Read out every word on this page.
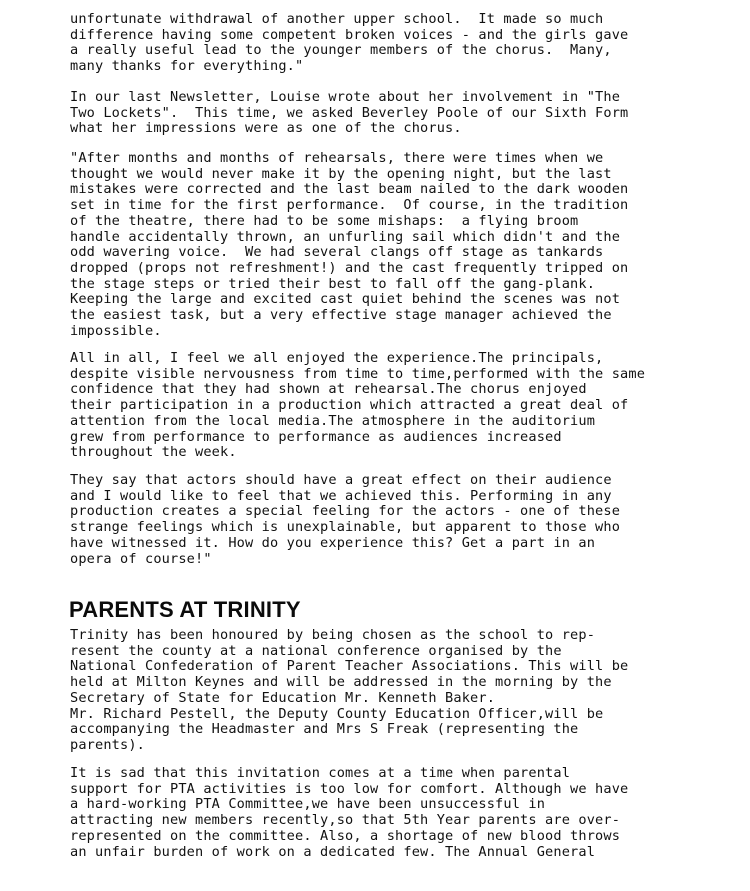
unfortunate withdrawal of another upper school.  It made so much
difference having some competent broken voices - and the girls gave
a really useful lead to the younger members of the chorus.  Many,
many thanks for everything."
In our last Newsletter, Louise wrote about her involvement in "The
Two Lockets".  This time, we asked Beverley Poole of our Sixth Form
what her impressions were as one of the chorus.
"After months and months of rehearsals, there were times when we
thought we would never make it by the opening night, but the last
mistakes were corrected and the last beam nailed to the dark wooden
set in time for the first performance.  Of course, in the tradition
of the theatre, there had to be some mishaps:  a flying broom
handle accidentally thrown, an unfurling sail which didn't and the
odd wavering voice.  We had several clangs off stage as tankards
dropped (props not refreshment!) and the cast frequently tripped on
the stage steps or tried their best to fall off the gang-plank.
Keeping the large and excited cast quiet behind the scenes was not
the easiest task, but a very effective stage manager achieved the
impossible.
All in all, I feel we all enjoyed the experience.The principals,
despite visible nervousness from time to time,performed with the same
confidence that they had shown at rehearsal.The chorus enjoyed
their participation in a production which attracted a great deal of
attention from the local media.The atmosphere in the auditorium
grew from performance to performance as audiences increased
throughout the week.
They say that actors should have a great effect on their audience
and I would like to feel that we achieved this. Performing in any
production creates a special feeling for the actors - one of these
strange feelings which is unexplainable, but apparent to those who
have witnessed it. How do you experience this? Get a part in an
opera of course!"
PARENTS AT TRINITY
Trinity has been honoured by being chosen as the school to rep-
resent the county at a national conference organised by the
National Confederation of Parent Teacher Associations. This will be
held at Milton Keynes and will be addressed in the morning by the
Secretary of State for Education Mr. Kenneth Baker.
Mr. Richard Pestell, the Deputy County Education Officer,will be
accompanying the Headmaster and Mrs S Freak (representing the
parents).
It is sad that this invitation comes at a time when parental
support for PTA activities is too low for comfort. Although we have
a hard-working PTA Committee,we have been unsuccessful in
attracting new members recently,so that 5th Year parents are over-
represented on the committee. Also, a shortage of new blood throws
an unfair burden of work on a dedicated few. The Annual General
